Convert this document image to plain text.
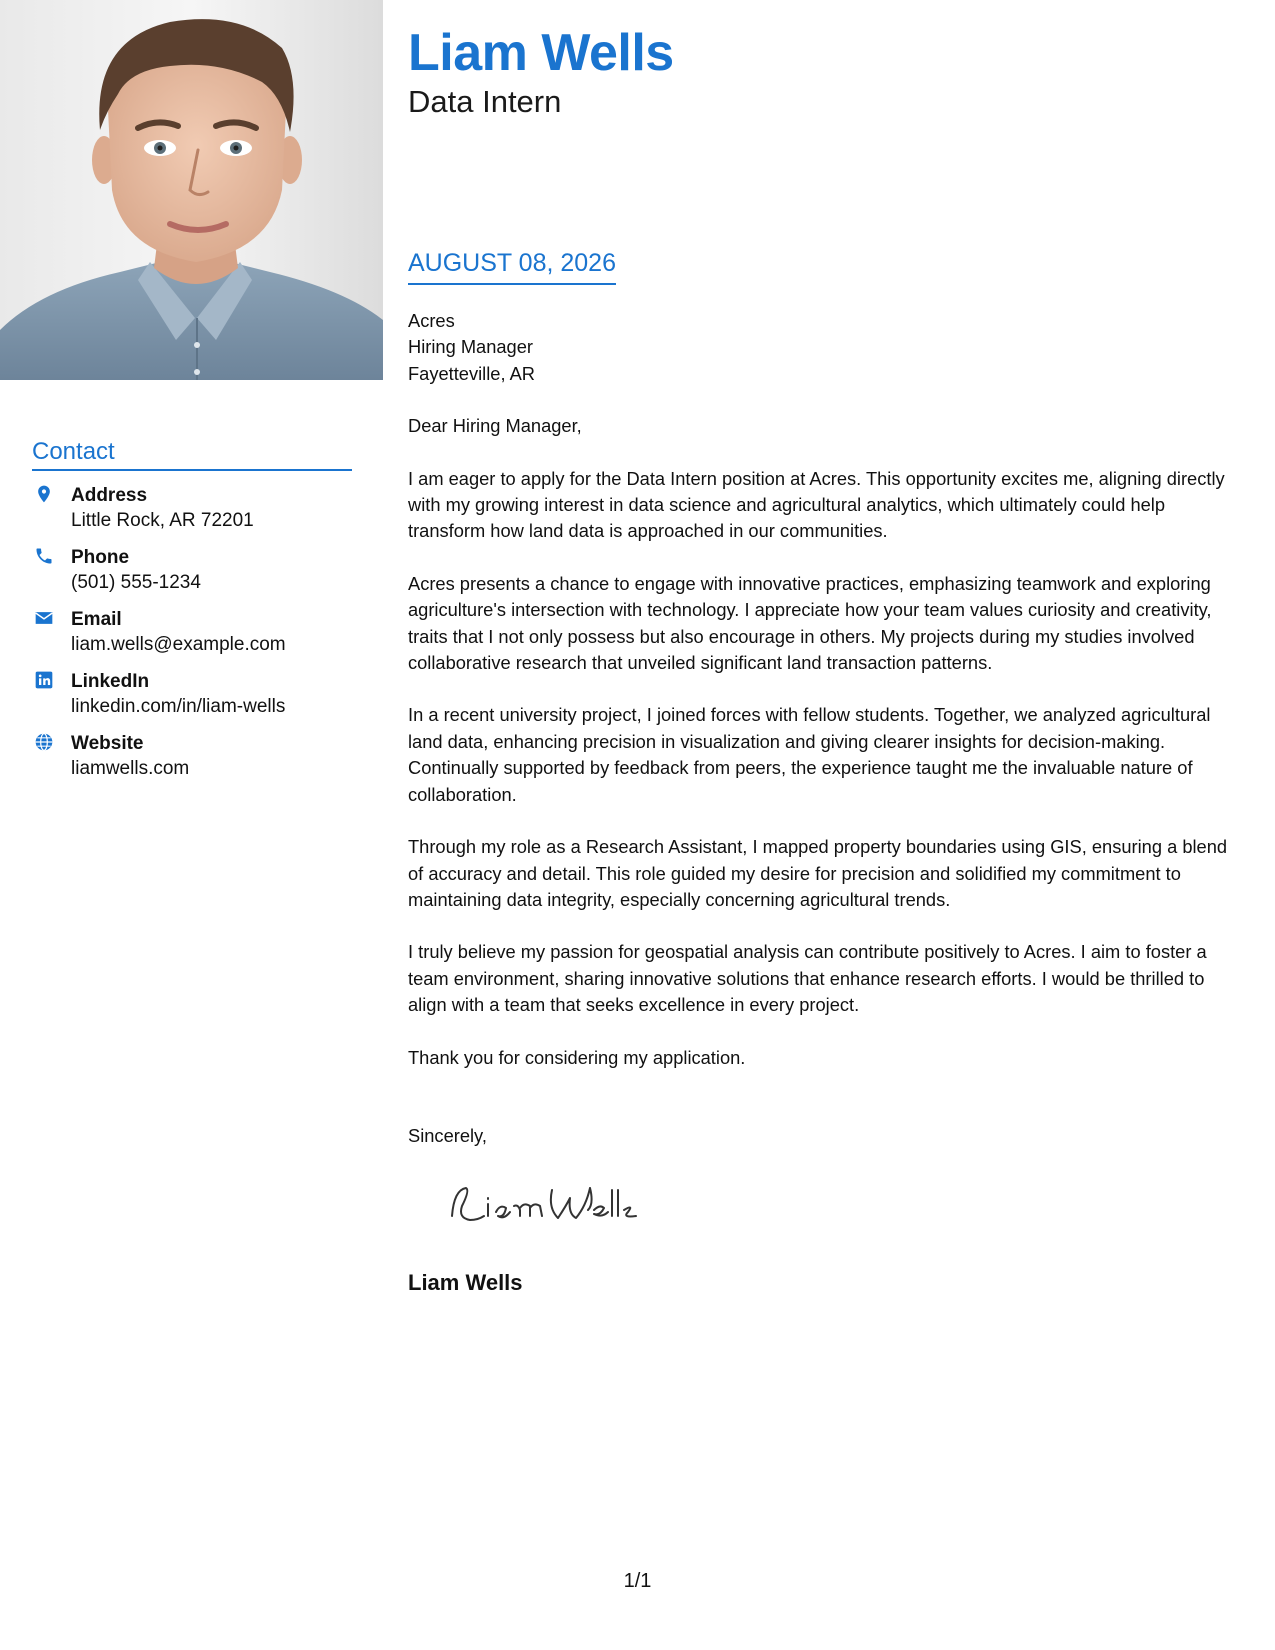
Contact
Address
Little Rock, AR 72201
Phone
(501) 555-1234
Email
liam.wells@example.com
LinkedIn
linkedin.com/in/liam-wells
Website
liamwells.com
Liam Wells
Data Intern
AUGUST 08, 2026
Acres
Hiring Manager
Fayetteville, AR
Dear Hiring Manager,
I am eager to apply for the Data Intern position at Acres. This opportunity excites me, aligning directly with my growing interest in data science and agricultural analytics, which ultimately could help transform how land data is approached in our communities.
Acres presents a chance to engage with innovative practices, emphasizing teamwork and exploring agriculture's intersection with technology. I appreciate how your team values curiosity and creativity, traits that I not only possess but also encourage in others. My projects during my studies involved collaborative research that unveiled significant land transaction patterns.
In a recent university project, I joined forces with fellow students. Together, we analyzed agricultural land data, enhancing precision in visualization and giving clearer insights for decision-making. Continually supported by feedback from peers, the experience taught me the invaluable nature of collaboration.
Through my role as a Research Assistant, I mapped property boundaries using GIS, ensuring a blend of accuracy and detail. This role guided my desire for precision and solidified my commitment to maintaining data integrity, especially concerning agricultural trends.
I truly believe my passion for geospatial analysis can contribute positively to Acres. I aim to foster a team environment, sharing innovative solutions that enhance research efforts. I would be thrilled to align with a team that seeks excellence in every project.
Thank you for considering my application.
Sincerely,
Liam Wells
1/1
